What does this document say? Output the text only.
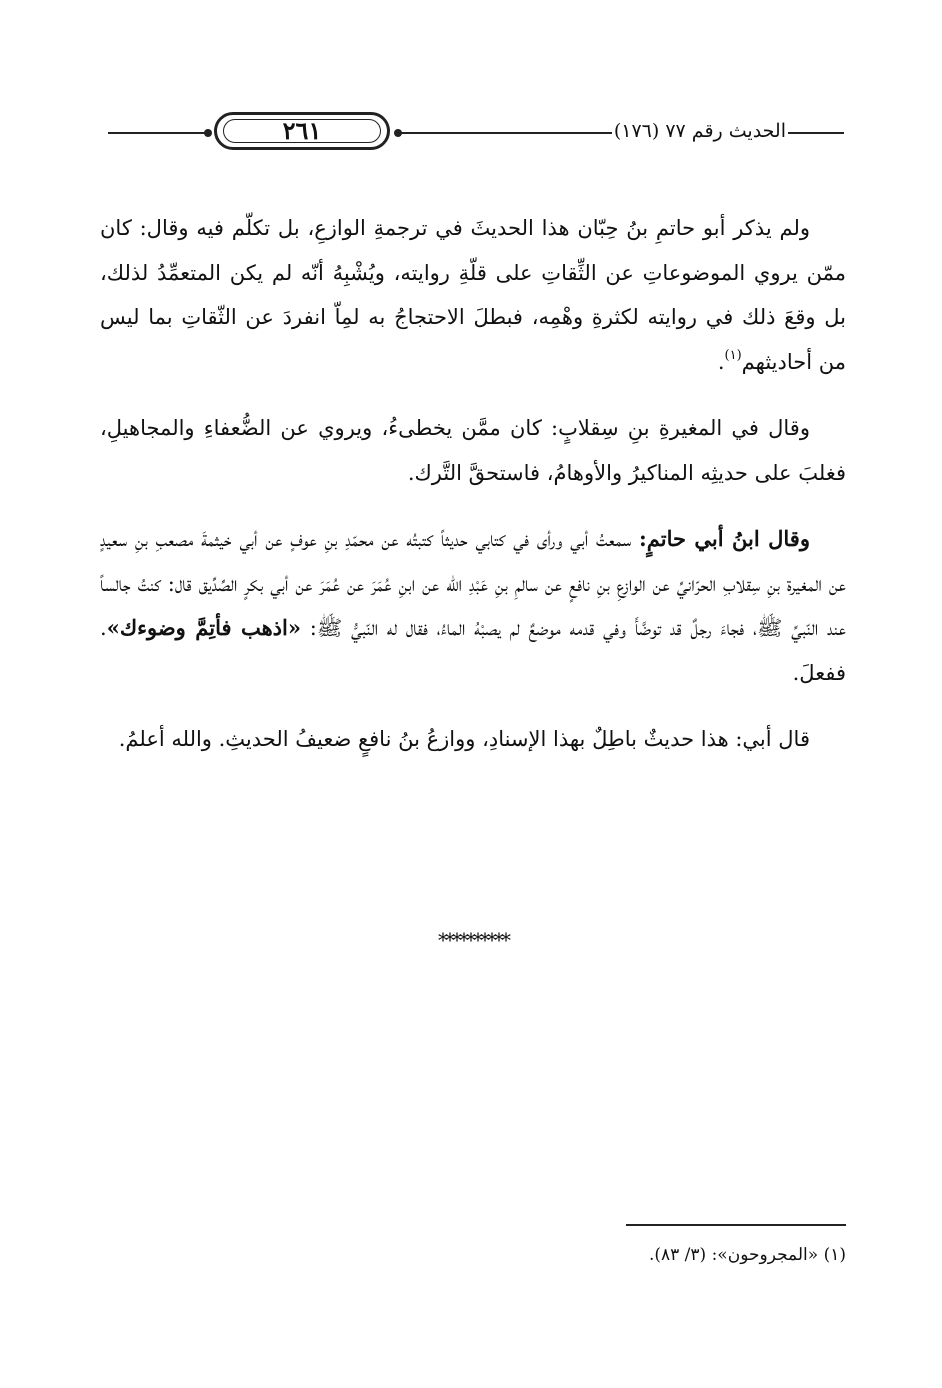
٢٦١	الحديث رقم ٧٧ (١٧٦)

ولم يذكر أبو حاتمِ بنُ حِبّان هذا الحديثَ في ترجمةِ الوازعِ، بل تكلّم فيه وقال: كان ممّن يروي الموضوعاتِ عن الثِّقاتِ على قلّةِ روايته، ويُشْبِهُ أنّه لم يكن المتعمِّدُ لذلك، بل وقعَ ذلك في روايته لكثرةِ وهْمِه، فبطلَ الاحتجاجُ به لمِاّ انفردَ عن الثّقاتِ بما ليس من أحاديثهم$^{(١)}$.

وقال في المغيرةِ بنِ سِقلابٍ: كان ممَّن يخطىءُ، ويروي عن الضُّعفاءِ والمجاهيلِ، فغلبَ على حديثِه المناكيرُ والأوهامُ، فاستحقَّ التَّرك.

وقال ابنُ أبي حاتمٍ: سمعتُ أبي ورأى في كتابي حديثاً كتبتُه عن محمّدِ بنِ عوفٍ عن أبي خيثمةَ مصعبِ بنِ سعيدٍ عن المغيرة بنِ سِقلابِ الحرّانيِّ عن الوازعِ بنِ نافعٍ عن سالمِ بنِ عَبْدِ الله عن ابنِ عُمَرَ عن عُمَرَ عن أبي بكرٍ الصِّدِّيق قال: كنتُ جالساً عند النّبيِّ ﷺ، فجاءَ رجلٌ قد توضَّأَ وفي قدمه موضعٌ لم يصبْهُ الماءُ، فقال له النّبيُّ ﷺ: «اذهب فأتِمَّ وضوءك». ففعلَ.

قال أبي: هذا حديثٌ باطِلٌ بهذا الإسنادِ، ووازعُ بنُ نافعٍ ضعيفُ الحديثِ. والله أعلمُ.

**********
(١) «المجروحون»: (٣/ ٨٣).
